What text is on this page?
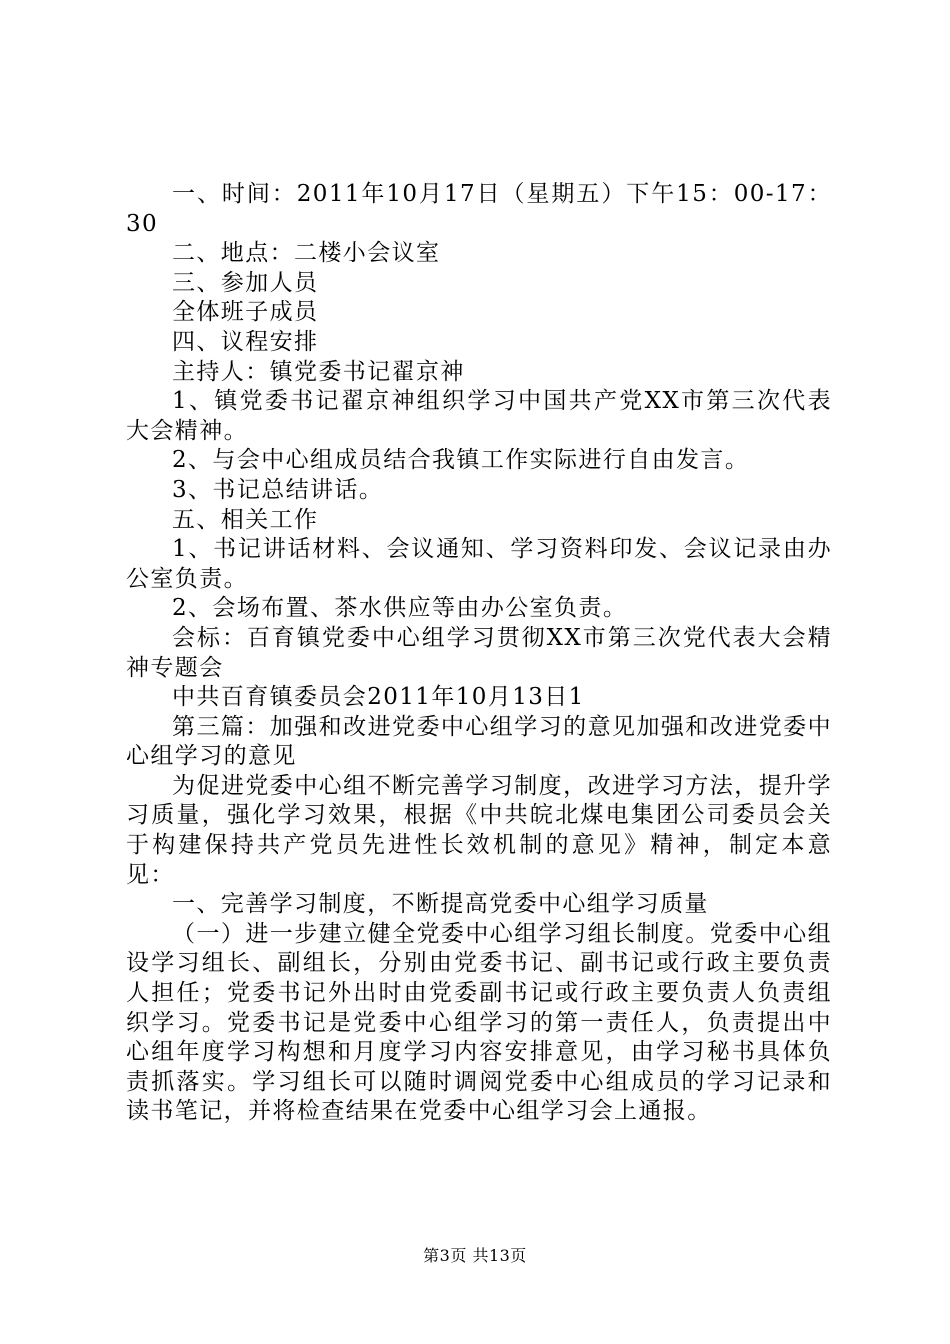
一、时间：2011年10月17日（星期五）下午15：00-17：30

二、地点：二楼小会议室

三、参加人员

全体班子成员

四、议程安排

主持人：镇党委书记翟京神

1、镇党委书记翟京神组织学习中国共产党XX市第三次代表大会精神。

2、与会中心组成员结合我镇工作实际进行自由发言。

3、书记总结讲话。

五、相关工作

1、书记讲话材料、会议通知、学习资料印发、会议记录由办公室负责。

2、会场布置、茶水供应等由办公室负责。

会标：百育镇党委中心组学习贯彻XX市第三次党代表大会精神专题会

中共百育镇委员会2011年10月13日1

第三篇：加强和改进党委中心组学习的意见加强和改进党委中心组学习的意见

为促进党委中心组不断完善学习制度，改进学习方法，提升学习质量，强化学习效果，根据《中共皖北煤电集团公司委员会关于构建保持共产党员先进性长效机制的意见》精神，制定本意见：

一、完善学习制度，不断提高党委中心组学习质量

（一）进一步建立健全党委中心组学习组长制度。党委中心组设学习组长、副组长，分别由党委书记、副书记或行政主要负责人担任；党委书记外出时由党委副书记或行政主要负责人负责组织学习。党委书记是党委中心组学习的第一责任人，负责提出中心组年度学习构想和月度学习内容安排意见，由学习秘书具体负责抓落实。学习组长可以随时调阅党委中心组成员的学习记录和读书笔记，并将检查结果在党委中心组学习会上通报。

第3页 共13页
